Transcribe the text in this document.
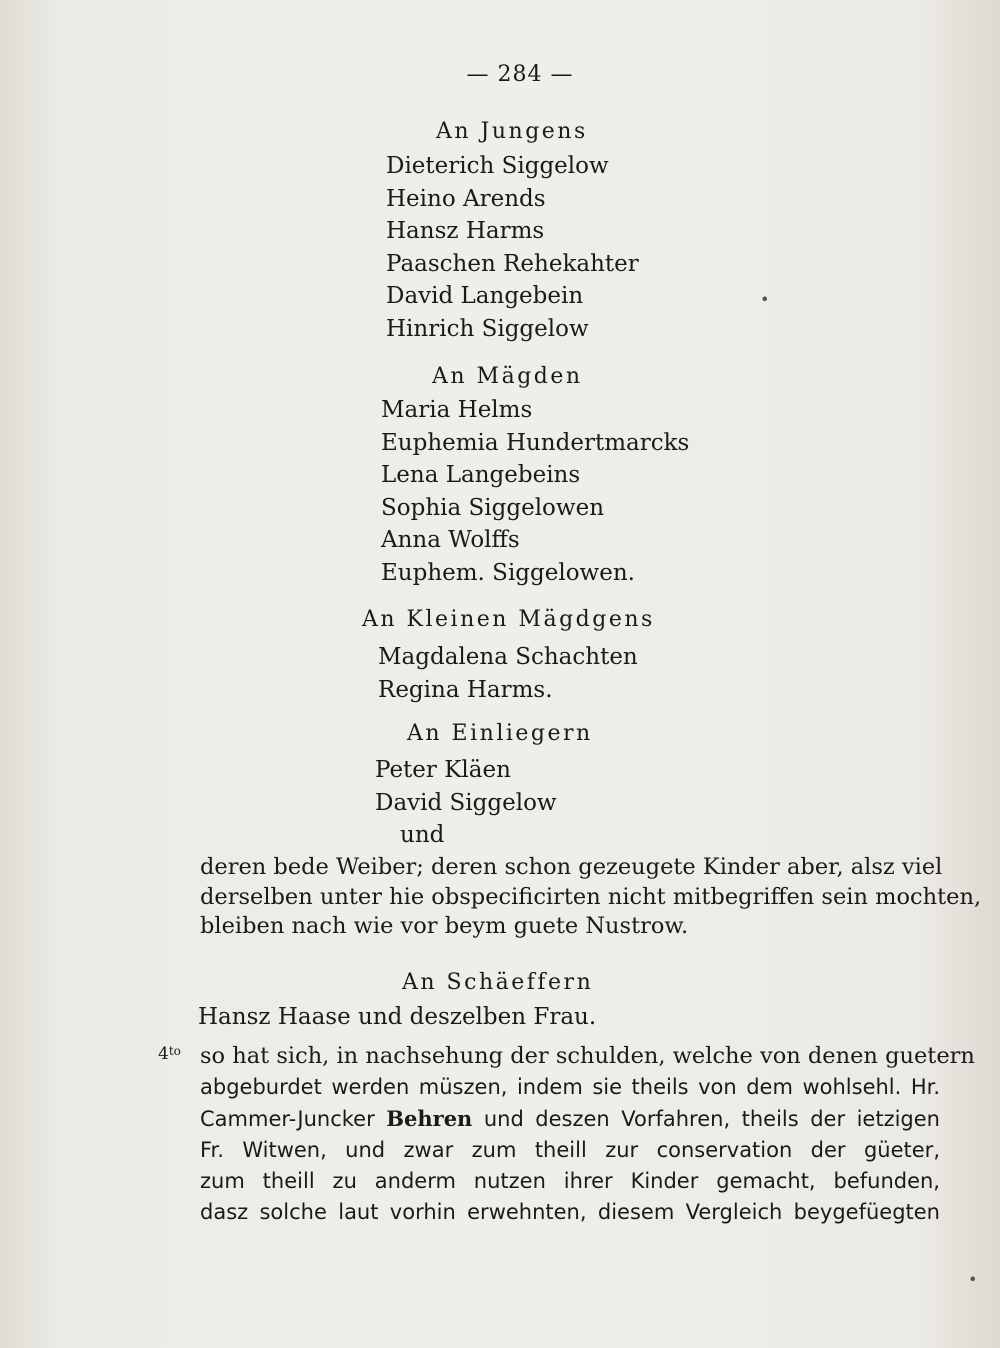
— 284 —
An Jungens
Dieterich Siggelow
Heino Arends
Hansz Harms
Paaschen Rehekahter
David Langebein
Hinrich Siggelow
An Mägden
Maria Helms
Euphemia Hundertmarcks
Lena Langebeins
Sophia Siggelowen
Anna Wolffs
Euphem. Siggelowen.
An Kleinen Mägdgens
Magdalena Schachten
Regina Harms.
An Einliegern
Peter Kläen
David Siggelow
und
deren bede Weiber; deren schon gezeugete Kinder aber, alsz viel
derselben unter hie obspecificirten nicht mitbegriffen sein mochten,
bleiben nach wie vor beym guete Nustrow.
An Schäeffern
Hansz Haase und deszelben Frau.
$4^{to}$ so hat sich, in nachsehung der schulden, welche von denen guetern
abgeburdet werden müszen, indem sie theils von dem wohlsehl. Hr.
Cammer-Juncker Behren und deszen Vorfahren, theils der ietzigen
Fr. Witwen, und zwar zum theill zur conservation der güeter,
zum theill zu anderm nutzen ihrer Kinder gemacht, befunden,
dasz solche laut vorhin erwehnten, diesem Vergleich beygefüegten
•
•
